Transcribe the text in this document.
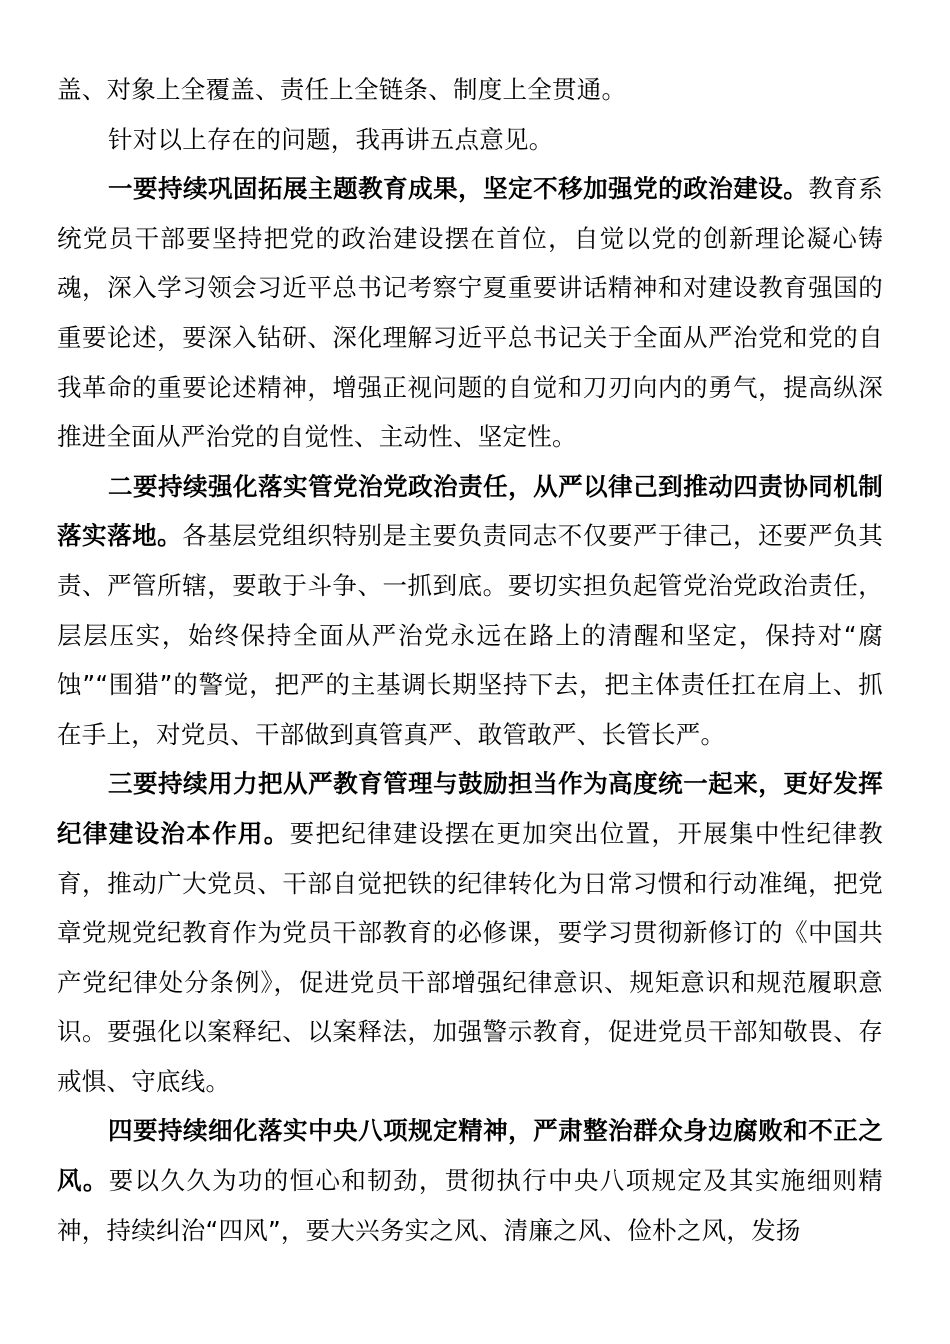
盖、对象上全覆盖、责任上全链条、制度上全贯通。

针对以上存在的问题，我再讲五点意见。

一要持续巩固拓展主题教育成果，坚定不移加强党的政治建设。教育系统党员干部要坚持把党的政治建设摆在首位，自觉以党的创新理论凝心铸魂，深入学习领会习近平总书记考察宁夏重要讲话精神和对建设教育强国的重要论述，要深入钻研、深化理解习近平总书记关于全面从严治党和党的自我革命的重要论述精神，增强正视问题的自觉和刀刃向内的勇气，提高纵深推进全面从严治党的自觉性、主动性、坚定性。

二要持续强化落实管党治党政治责任，从严以律己到推动四责协同机制落实落地。各基层党组织特别是主要负责同志不仅要严于律己，还要严负其责、严管所辖，要敢于斗争、一抓到底。要切实担负起管党治党政治责任，层层压实，始终保持全面从严治党永远在路上的清醒和坚定，保持对“腐蚀”“围猎”的警觉，把严的主基调长期坚持下去，把主体责任扛在肩上、抓在手上，对党员、干部做到真管真严、敢管敢严、长管长严。

三要持续用力把从严教育管理与鼓励担当作为高度统一起来，更好发挥纪律建设治本作用。要把纪律建设摆在更加突出位置，开展集中性纪律教育，推动广大党员、干部自觉把铁的纪律转化为日常习惯和行动准绳，把党章党规党纪教育作为党员干部教育的必修课，要学习贯彻新修订的《中国共产党纪律处分条例》，促进党员干部增强纪律意识、规矩意识和规范履职意识。要强化以案释纪、以案释法，加强警示教育，促进党员干部知敬畏、存戒惧、守底线。

四要持续细化落实中央八项规定精神，严肃整治群众身边腐败和不正之风。要以久久为功的恒心和韧劲，贯彻执行中央八项规定及其实施细则精神，持续纠治“四风”，要大兴务实之风、清廉之风、俭朴之风，发扬
